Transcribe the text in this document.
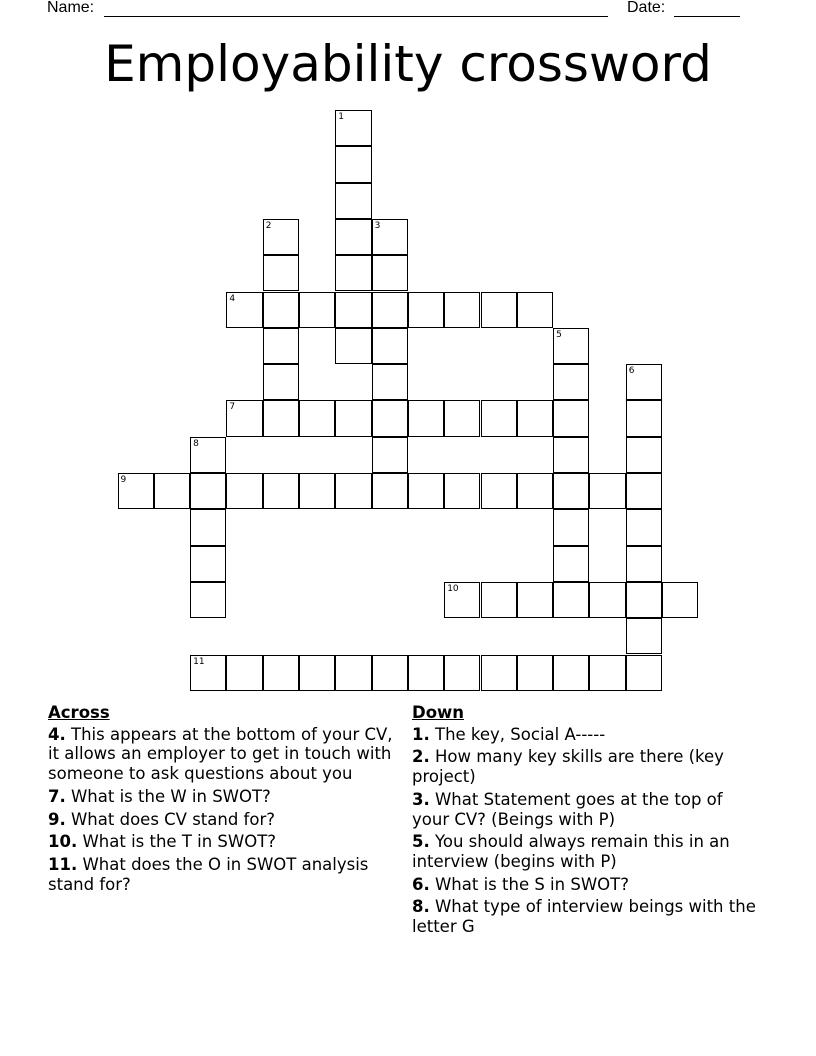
Name:	Date:
Employability crossword
1
2	3
4
5
6
7
8
9
10
11
Across
4. This appears at the bottom of your CV, it allows an employer to get in touch with someone to ask questions about you
7. What is the W in SWOT?
9. What does CV stand for?
10. What is the T in SWOT?
11. What does the O in SWOT analysis stand for?
Down
1. The key, Social A-----
2. How many key skills are there (key project)
3. What Statement goes at the top of your CV? (Beings with P)
5. You should always remain this in an interview (begins with P)
6. What is the S in SWOT?
8. What type of interview beings with the letter G
